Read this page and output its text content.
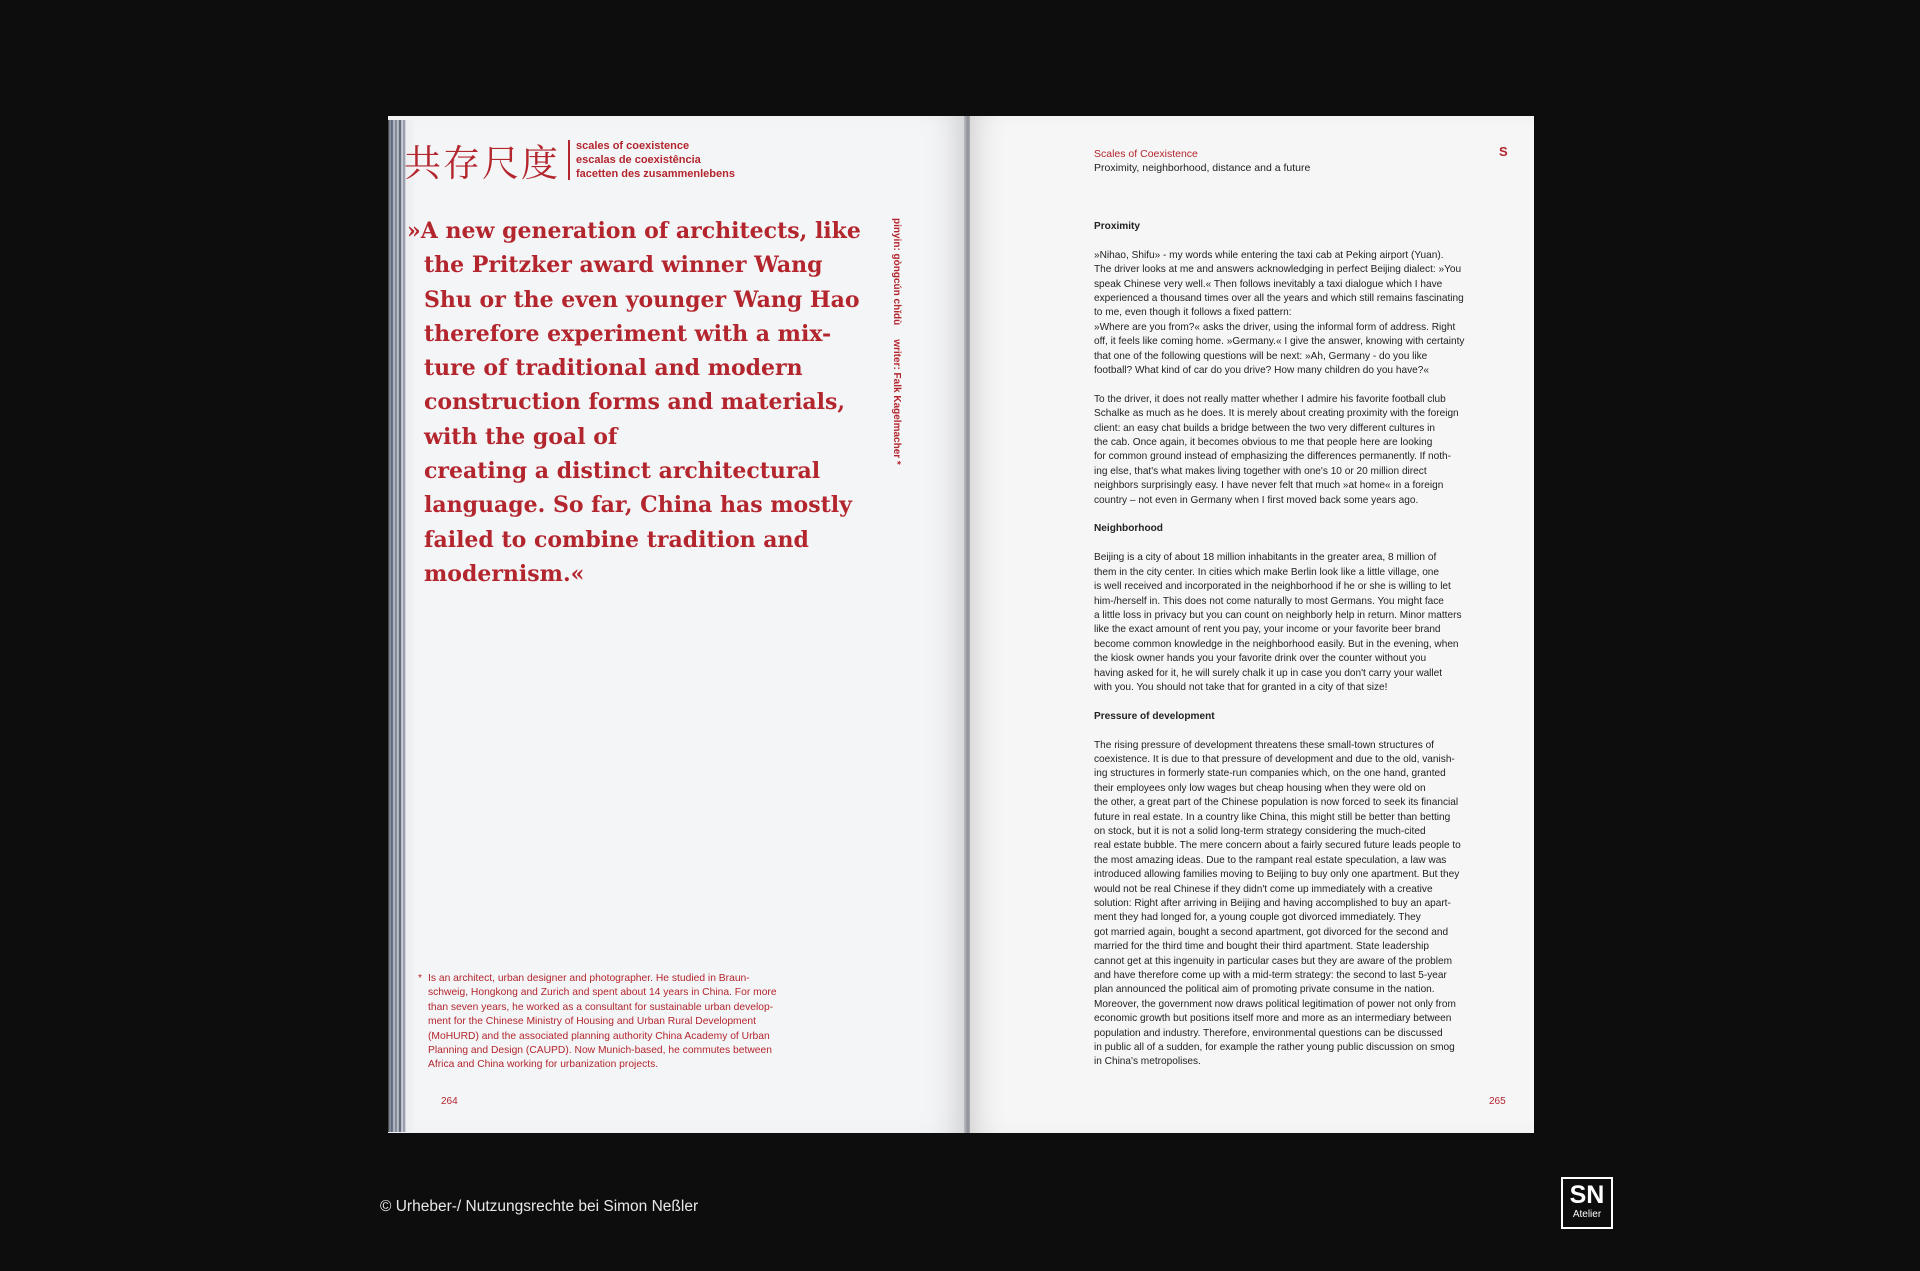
共存尺度 scales of coexistence
escalas de coexistência
facetten des zusammenlebens

»A new generation of architects, like
the Pritzker award winner Wang
Shu or the even younger Wang Hao
therefore experiment with a mix-
ture of traditional and modern
construction forms and materials,
with the goal of
creating a distinct architectural
language. So far, China has mostly
failed to combine tradition and
modernism.«

pinyin: gòngcún chǐdùwriter: Falk Kagelmacher *
* Is an architect, urban designer and photographer. He studied in Braun-
schweig, Hongkong and Zurich and spent about 14 years in China. For more
than seven years, he worked as a consultant for sustainable urban develop-
ment for the Chinese Ministry of Housing and Urban Rural Development
(MoHURD) and the associated planning authority China Academy of Urban
Planning and Design (CAUPD). Now Munich-based, he commutes between
Africa and China working for urbanization projects.
264
Scales of Coexistence
Proximity, neighborhood, distance and a future
S
Proximity
»Nihao, Shifu» - my words while entering the taxi cab at Peking airport (Yuan).
The driver looks at me and answers acknowledging in perfect Beijing dialect: »You
speak Chinese very well.« Then follows inevitably a taxi dialogue which I have
experienced a thousand times over all the years and which still remains fascinating
to me, even though it follows a fixed pattern:
»Where are you from?« asks the driver, using the informal form of address. Right
off, it feels like coming home. »Germany.« I give the answer, knowing with certainty
that one of the following questions will be next: »Ah, Germany - do you like
football? What kind of car do you drive? How many children do you have?«
To the driver, it does not really matter whether I admire his favorite football club
Schalke as much as he does. It is merely about creating proximity with the foreign
client: an easy chat builds a bridge between the two very different cultures in
the cab. Once again, it becomes obvious to me that people here are looking
for common ground instead of emphasizing the differences permanently. If noth-
ing else, that's what makes living together with one's 10 or 20 million direct
neighbors surprisingly easy. I have never felt that much »at home« in a foreign
country – not even in Germany when I first moved back some years ago.
Neighborhood
Beijing is a city of about 18 million inhabitants in the greater area, 8 million of
them in the city center. In cities which make Berlin look like a little village, one
is well received and incorporated in the neighborhood if he or she is willing to let
him-/herself in. This does not come naturally to most Germans. You might face
a little loss in privacy but you can count on neighborly help in return. Minor matters
like the exact amount of rent you pay, your income or your favorite beer brand
become common knowledge in the neighborhood easily. But in the evening, when
the kiosk owner hands you your favorite drink over the counter without you
having asked for it, he will surely chalk it up in case you don't carry your wallet
with you. You should not take that for granted in a city of that size!
Pressure of development
The rising pressure of development threatens these small-town structures of
coexistence. It is due to that pressure of development and due to the old, vanish-
ing structures in formerly state-run companies which, on the one hand, granted
their employees only low wages but cheap housing when they were old on
the other, a great part of the Chinese population is now forced to seek its financial
future in real estate. In a country like China, this might still be better than betting
on stock, but it is not a solid long-term strategy considering the much-cited
real estate bubble. The mere concern about a fairly secured future leads people to
the most amazing ideas. Due to the rampant real estate speculation, a law was
introduced allowing families moving to Beijing to buy only one apartment. But they
would not be real Chinese if they didn't come up immediately with a creative
solution: Right after arriving in Beijing and having accomplished to buy an apart-
ment they had longed for, a young couple got divorced immediately. They
got married again, bought a second apartment, got divorced for the second and
married for the third time and bought their third apartment. State leadership
cannot get at this ingenuity in particular cases but they are aware of the problem
and have therefore come up with a mid-term strategy: the second to last 5-year
plan announced the political aim of promoting private consume in the nation.
Moreover, the government now draws political legitimation of power not only from
economic growth but positions itself more and more as an intermediary between
population and industry. Therefore, environmental questions can be discussed
in public all of a sudden, for example the rather young public discussion on smog
in China's metropolises.
265
© Urheber-/ Nutzungsrechte bei Simon Neßler	SN
Atelier
